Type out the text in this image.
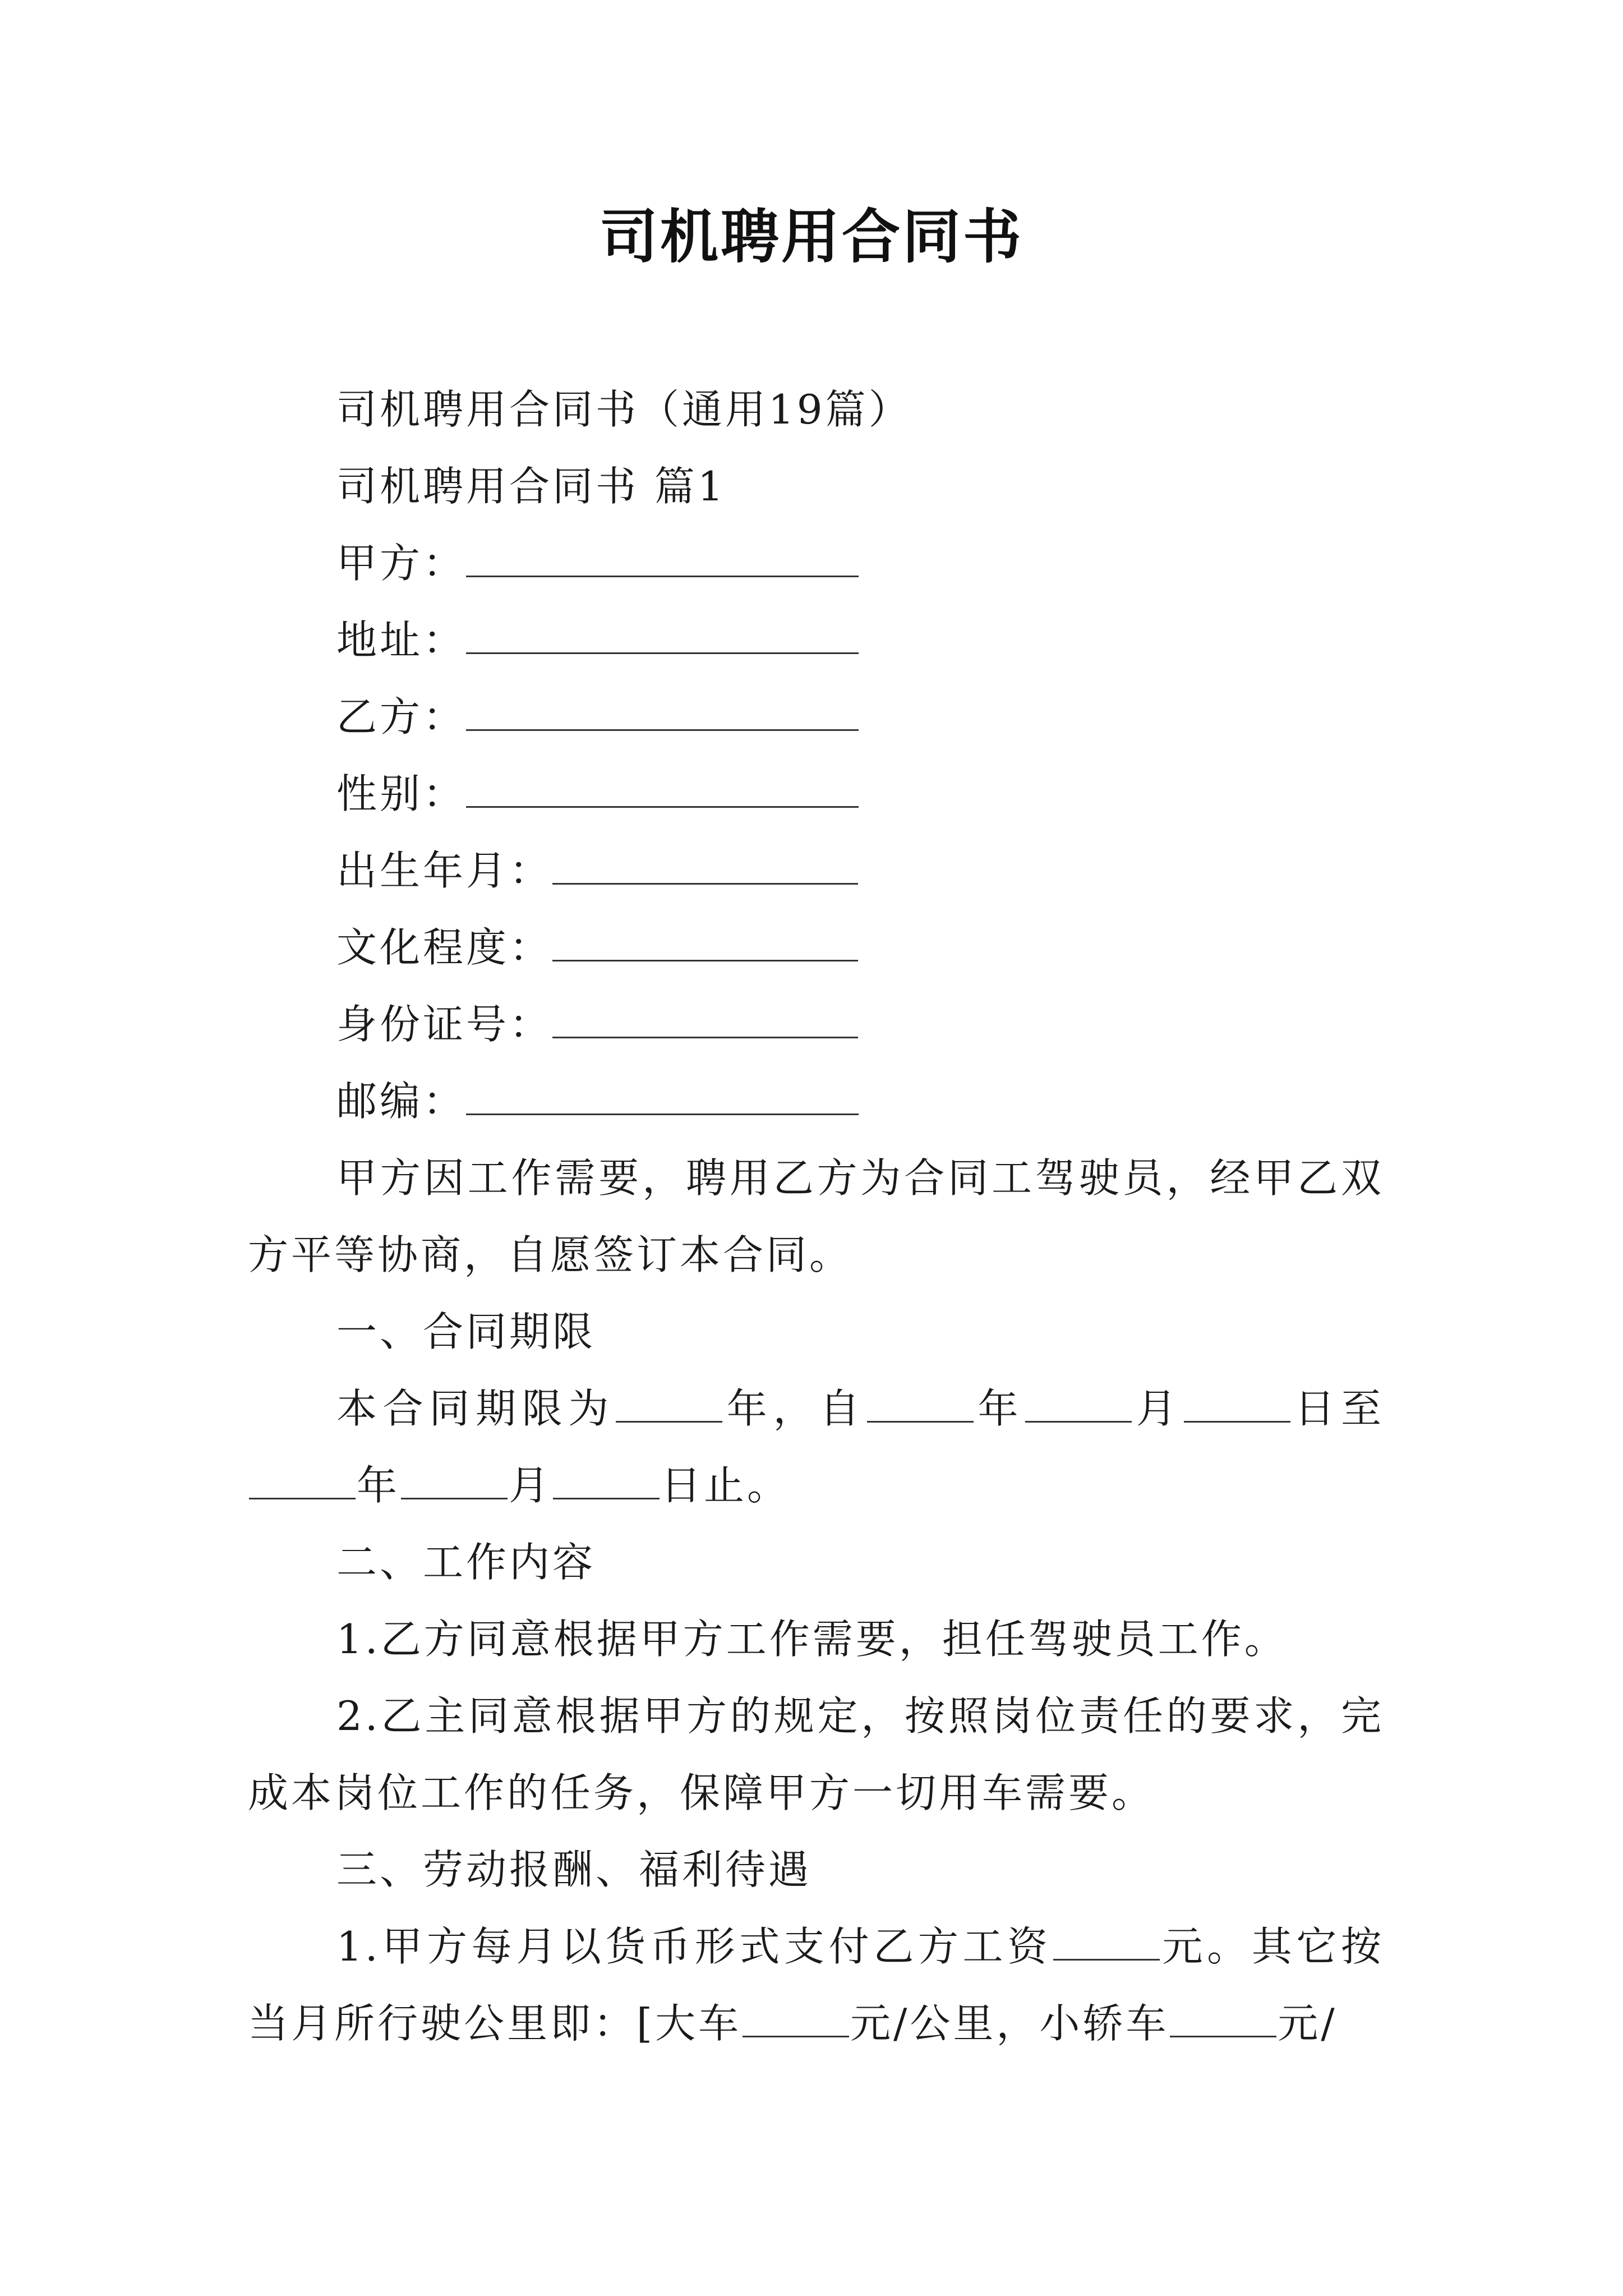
司机聘用合同书

司机聘用合同书（通用19篇）

司机聘用合同书 篇1

甲方：

地址：

乙方：

性别：

出生年月：

文化程度：

身份证号：

邮编：

甲方因工作需要，聘用乙方为合同工驾驶员，经甲乙双方平等协商，自愿签订本合同。

一、合同期限

本合同期限为	年，自	年	月	日至年	月	日止。

二、工作内容

1.乙方同意根据甲方工作需要，担任驾驶员工作。

2.乙主同意根据甲方的规定，按照岗位责任的要求，完成本岗位工作的任务，保障甲方一切用车需要。

三、劳动报酬、福利待遇

1.甲方每月以货币形式支付乙方工资	元。其它按当月所行驶公里即：[大车	元/公里，小轿车	元/
